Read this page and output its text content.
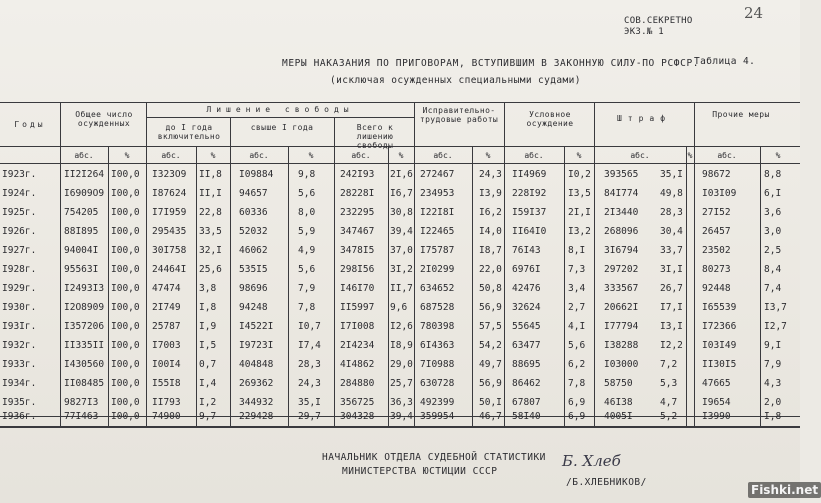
24
СОВ.СЕКРЕТНО
ЭКЗ.№ 1
МЕРЫ НАКАЗАНИЯ ПО ПРИГОВОРАМ, ВСТУПИВШИМ В ЗАКОННУЮ СИЛУ-ПО РСФСР.
Таблица 4.
(исключая осужденных специальными судами)
Годы
Общее число осужденных
Лишение свободы
до I года включительно
свыше I года	Всего к лишению свободы
Исправительно-трудовые работы
Условное осуждение
Штраф	Прочие меры
абс.	%	абс.	%	абс.	%	абс.	%	абс.	%	абс.	%	абс.	%	абс.	%
I923г.	II2I264 I00,0 I323O9 II,8 I09884	9,8	242I93 2I,6 272467	24,3 II4969 I0,2 393565 35,I 98672	8,8
I924г.	I6909O9 I00,0 I87624 II,I 94657	5,6	28228I I6,7 234953	I3,9 228I92 I3,5 84I774 49,8 I03I09	6,I
I925г.	754205 I00,0 I7I959 22,8 60336	8,0	232295 30,8 I22I8I	I6,2 I59I37 2I,I 2I3440 28,3 27I52	3,6
I926г.	88I895 I00,0 295435 33,5 52032	5,9	347467 39,4 I22465	I4,0 II64I0 I3,2 268096 30,4 26457	3,0
I927г.	94004I I00,0 30I758 32,I 46062	4,9	3478I5 37,0 I75787	I8,7 76I43	8,I 3I6794 33,7 23502	2,5
I928г.	95563I I00,0 24464I 25,6 535I5	5,6	298I56 3I,2 2I0299	22,0 6976I	7,3 297202 3I,I 80273	8,4
I929г.	I2493I3 I00,0 47474 3,8 98696	7,9	I46I70 II,7 634652	50,8 42476	3,4 333567 26,7 92448	7,4
I930г.	I2O8909 I00,0 2I749 I,8 94248	7,8	II5997 9,6 687528	56,9 32624	2,7 20662I I7,I I65539	I3,7
I93Iг.	I357206 I00,0 25787 I,9 I4522I	I0,7 I7I008 I2,6 780398	57,5 55645	4,I I77794 I3,I I72366	I2,7
I932г.	II335II I00,0 I7003 I,5 I9723I	I7,4 2I4234 I8,9 6I4363	54,2 63477	5,6 I38288 I2,2 I03I49	9,I
I933г.	I430560 I00,0 I00I4 0,7 404848	28,3 4I4862 29,0 7I0988	49,7 88695	6,2 I03000 7,2	II30I5	7,9
I934г.	II08485 I00,0 I55I8 I,4 269362	24,3 284880 25,7 630728	56,9 86462	7,8 58750	5,3	47665	4,3
I935г.	9827I3 I00,0 II793 I,2 344932	35,I 356725 36,3 492399	50,I 67807	6,9 46I38	4,7	I9654	2,0
I936г.	77I463 I00,0 74900 9,7 229428	29,7 304328 39,4 359954	46,7 58I40	6,9 4005I	5,2	I3990	I,8
НАЧАЛЬНИК ОТДЕЛА СУДЕБНОЙ СТАТИСТИКИ
МИНИСТЕРСТВА ЮСТИЦИИ СССР
Б. Хлеб
/Б.ХЛЕБНИКОВ/
Fishki.net
